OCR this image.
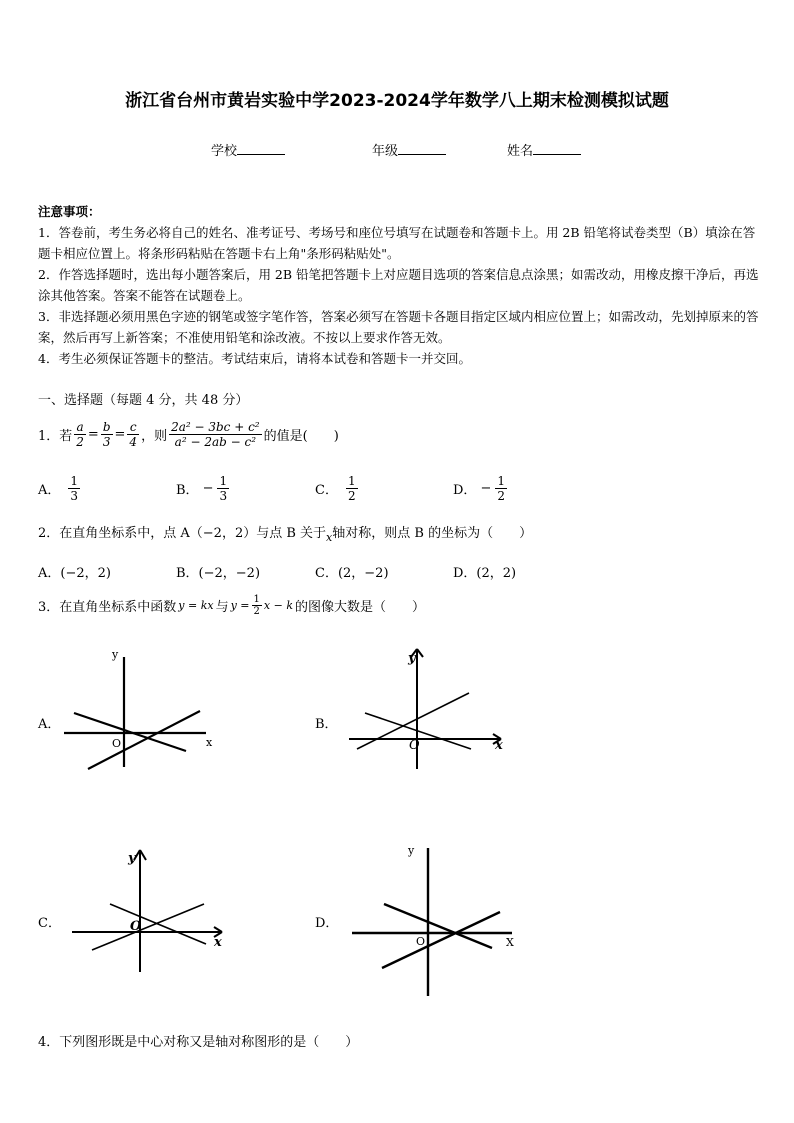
浙江省台州市黄岩实验中学2023-2024学年数学八上期末检测模拟试题
学校	年级	姓名
注意事项：
1．答卷前，考生务必将自己的姓名、准考证号、考场号和座位号填写在试题卷和答题卡上。用 2B 铅笔将试卷类型（B）填涂在答题卡相应位置上。将条形码粘贴在答题卡右上角"条形码粘贴处"。
2．作答选择题时，选出每小题答案后，用 2B 铅笔把答题卡上对应题目选项的答案信息点涂黑；如需改动，用橡皮擦干净后，再选涂其他答案。答案不能答在试题卷上。
3．非选择题必须用黑色字迹的钢笔或签字笔作答，答案必须写在答题卡各题目指定区域内相应位置上；如需改动，先划掉原来的答案，然后再写上新答案；不准使用铅笔和涂改液。不按以上要求作答无效。
4．考生必须保证答题卡的整洁。考试结束后，请将本试卷和答题卡一并交回。
一、选择题（每题 4 分，共 48 分）
1．若 $\frac{a}{2} = \frac{b}{3} = \frac{c}{4}$ ，则 $\frac{\text{2a² − 3bc + c²}}{\text{a² − 2ab − c²}}$ 的值是(　　)
A． $\frac{1}{3}$	B． − $\frac{1}{3}$	C． $\frac{1}{2}$	D． − $\frac{1}{2}$
2．在直角坐标系中，点 A（−2，2）与点 B 关于$_x$轴对称，则点 B 的坐标为（　　）
A．(−2，2)	B．(−2，−2)	C．(2，−2)	D．(2，2)
3．在直角坐标系中函数 y = kx 与 $y = \frac{1}{2}$ x − k 的图像大数是（　　）
A．
y
O	x
B．
y
O	x
C．
y
O
x
D．
y
O	X
4．下列图形既是中心对称又是轴对称图形的是（　　）
